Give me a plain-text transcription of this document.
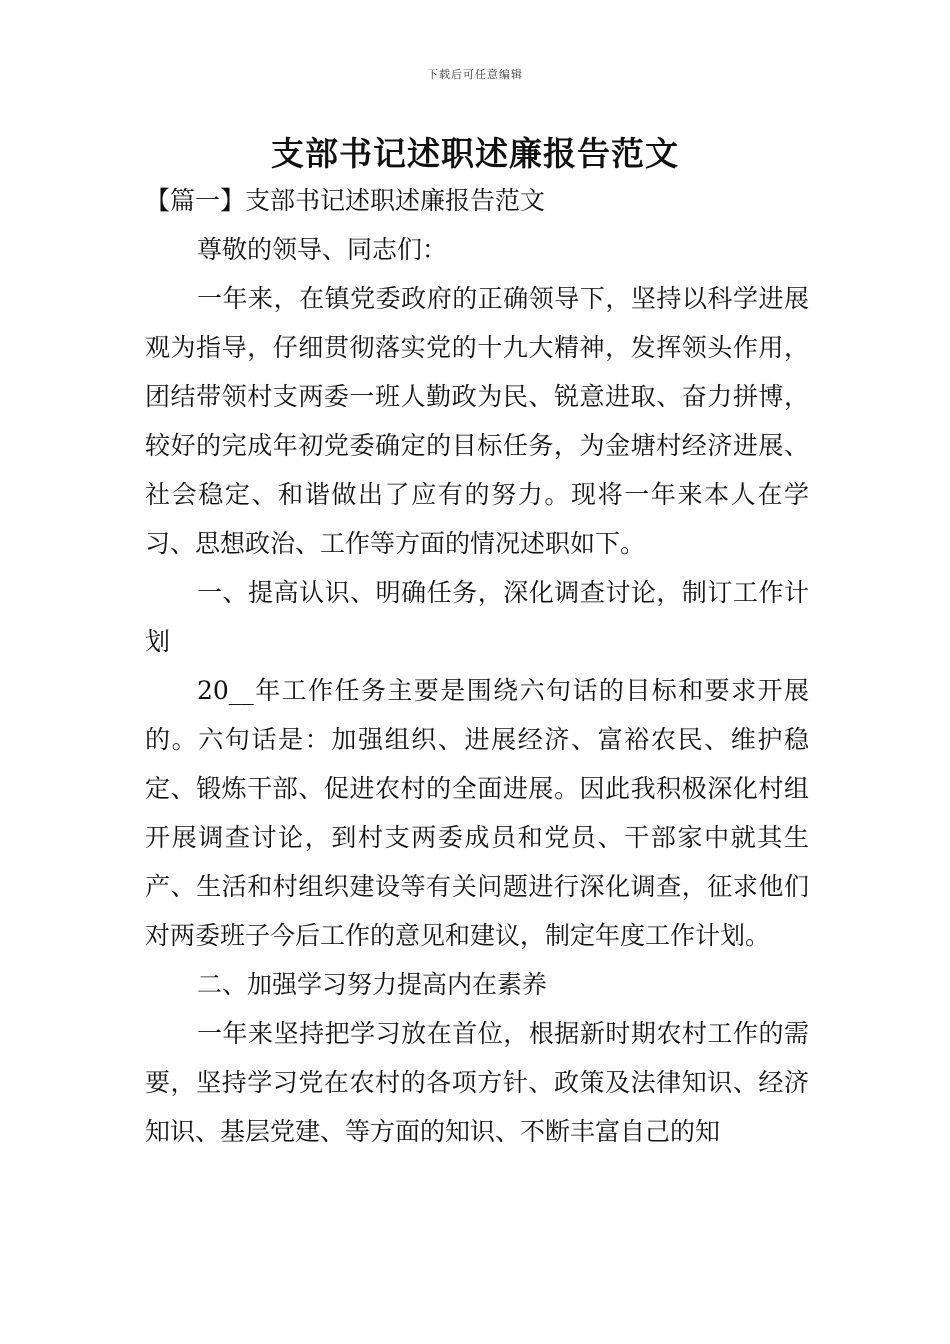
下载后可任意编辑
支部书记述职述廉报告范文

【篇一】支部书记述职述廉报告范文

尊敬的领导、同志们：

一年来，在镇党委政府的正确领导下，坚持以科学进展观为指导，仔细贯彻落实党的十九大精神，发挥领头作用，团结带领村支两委一班人勤政为民、锐意进取、奋力拼博，较好的完成年初党委确定的目标任务，为金塘村经济进展、社会稳定、和谐做出了应有的努力。现将一年来本人在学习、思想政治、工作等方面的情况述职如下。

一、提高认识、明确任务，深化调查讨论，制订工作计划

20__年工作任务主要是围绕六句话的目标和要求开展的。六句话是：加强组织、进展经济、富裕农民、维护稳定、锻炼干部、促进农村的全面进展。因此我积极深化村组开展调查讨论，到村支两委成员和党员、干部家中就其生产、生活和村组织建设等有关问题进行深化调查，征求他们对两委班子今后工作的意见和建议，制定年度工作计划。

二、加强学习努力提高内在素养

一年来坚持把学习放在首位，根据新时期农村工作的需要，坚持学习党在农村的各项方针、政策及法律知识、经济知识、基层党建、等方面的知识、不断丰富自己的知
